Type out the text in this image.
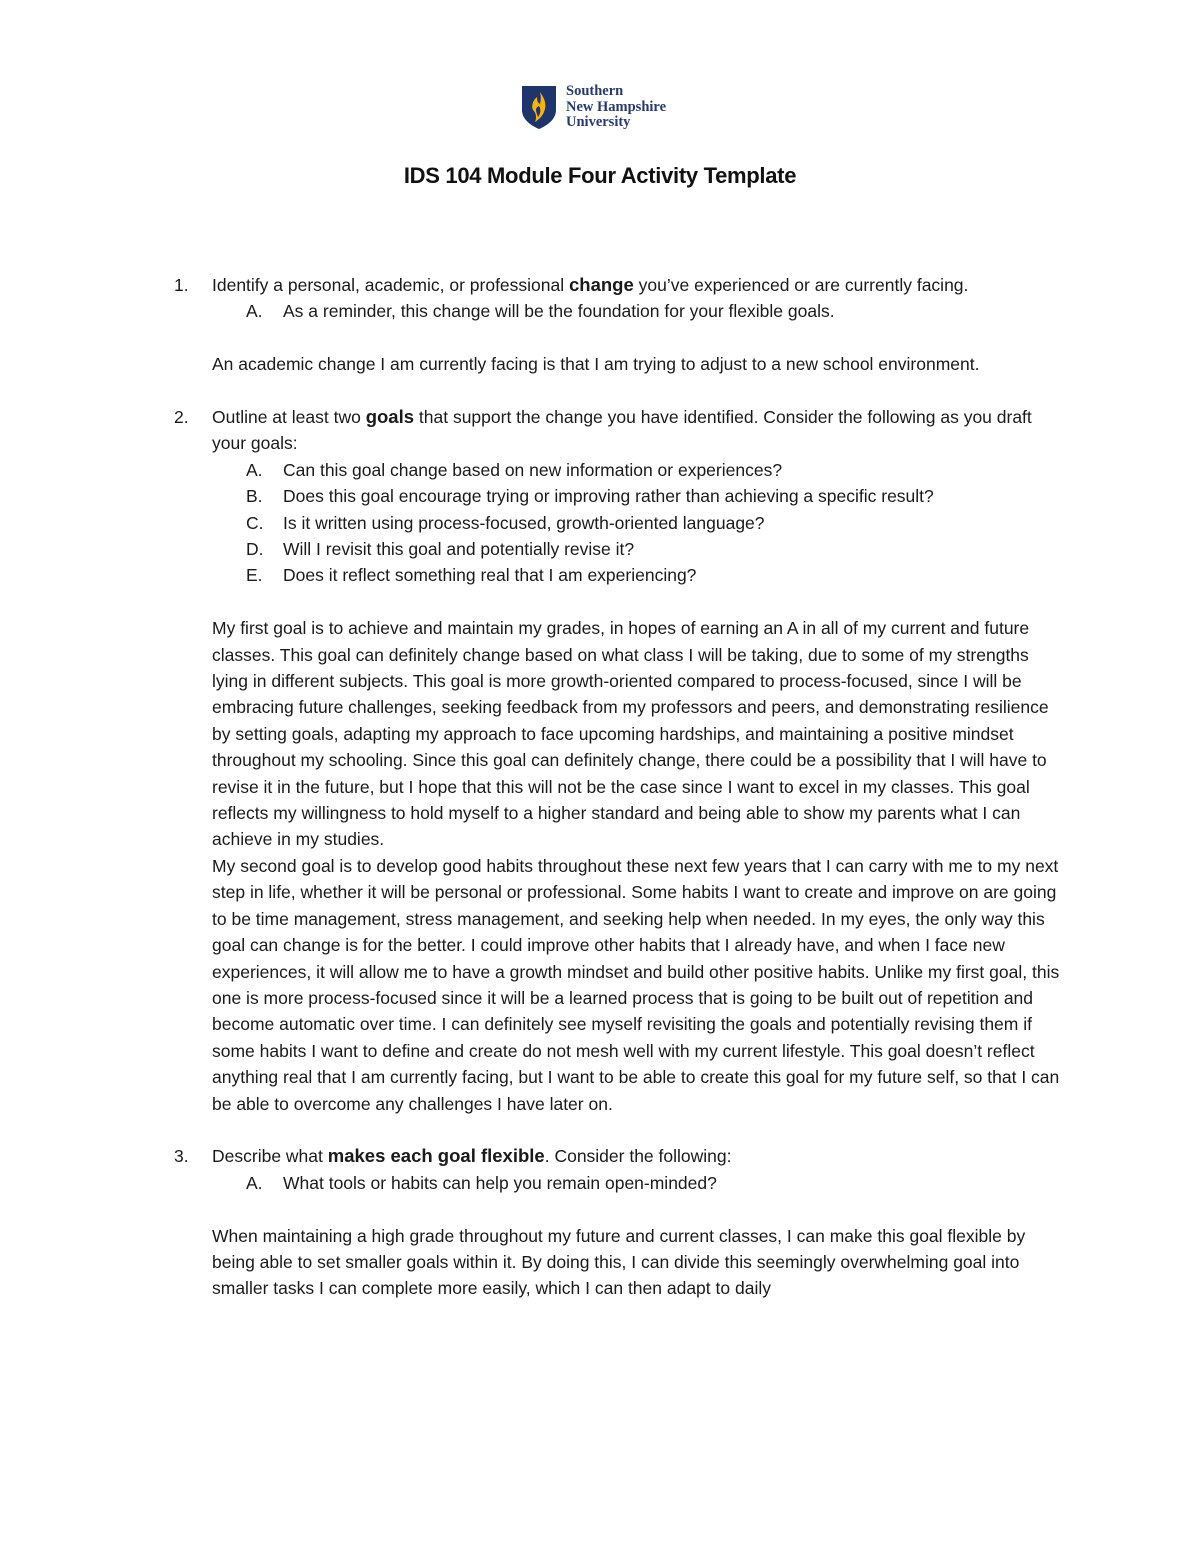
Southern
New Hampshire
University
IDS 104 Module Four Activity Template
1. Identify a personal, academic, or professional change you’ve experienced or are currently facing.
A. As a reminder, this change will be the foundation for your flexible goals.

An academic change I am currently facing is that I am trying to adjust to a new school environment.

2. Outline at least two goals that support the change you have identified. Consider the following as you draft your goals:
A. Can this goal change based on new information or experiences?
B. Does this goal encourage trying or improving rather than achieving a specific result?
C. Is it written using process-focused, growth-oriented language?
D. Will I revisit this goal and potentially revise it?
E. Does it reflect something real that I am experiencing?

My first goal is to achieve and maintain my grades, in hopes of earning an A in all of my current and future classes. This goal can definitely change based on what class I will be taking, due to some of my strengths lying in different subjects. This goal is more growth-oriented compared to process-focused, since I will be embracing future challenges, seeking feedback from my professors and peers, and demonstrating resilience by setting goals, adapting my approach to face upcoming hardships, and maintaining a positive mindset throughout my schooling. Since this goal can definitely change, there could be a possibility that I will have to revise it in the future, but I hope that this will not be the case since I want to excel in my classes. This goal reflects my willingness to hold myself to a higher standard and being able to show my parents what I can achieve in my studies.

My second goal is to develop good habits throughout these next few years that I can carry with me to my next step in life, whether it will be personal or professional. Some habits I want to create and improve on are going to be time management, stress management, and seeking help when needed. In my eyes, the only way this goal can change is for the better. I could improve other habits that I already have, and when I face new experiences, it will allow me to have a growth mindset and build other positive habits. Unlike my first goal, this one is more process-focused since it will be a learned process that is going to be built out of repetition and become automatic over time. I can definitely see myself revisiting the goals and potentially revising them if some habits I want to define and create do not mesh well with my current lifestyle. This goal doesn’t reflect anything real that I am currently facing, but I want to be able to create this goal for my future self, so that I can be able to overcome any challenges I have later on.

3. Describe what makes each goal flexible. Consider the following:
A. What tools or habits can help you remain open-minded?

When maintaining a high grade throughout my future and current classes, I can make this goal flexible by being able to set smaller goals within it. By doing this, I can divide this seemingly overwhelming goal into smaller tasks I can complete more easily, which I can then adapt to daily
